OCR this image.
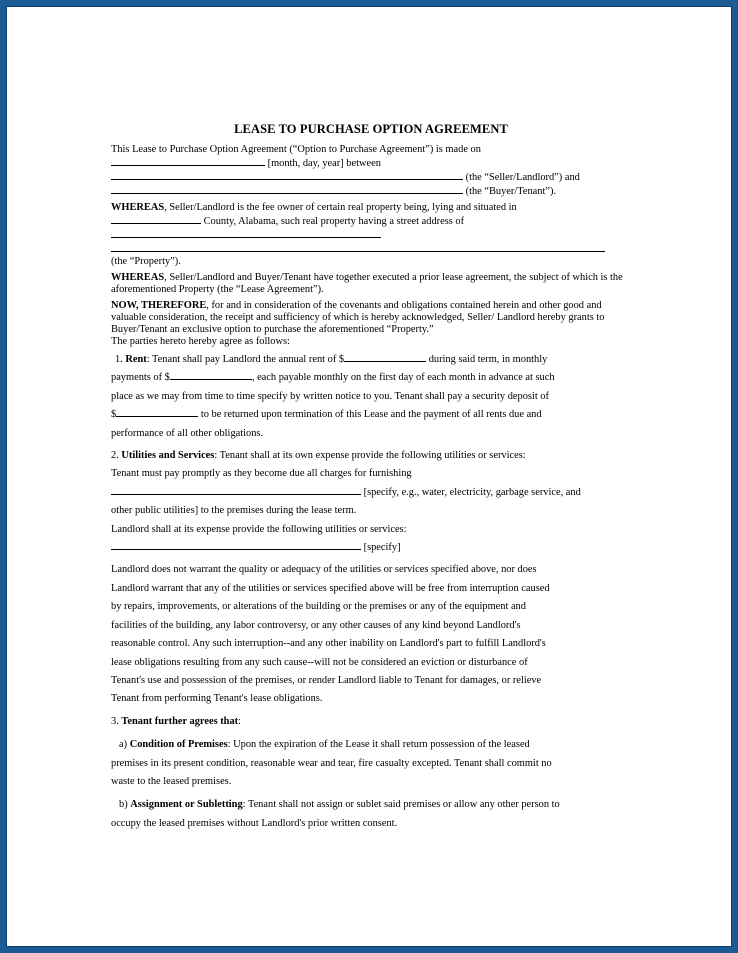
LEASE TO PURCHASE OPTION AGREEMENT

This Lease to Purchase Option Agreement (“Option to Purchase Agreement”) is made on
[month, day, year] between
(the “Seller/Landlord”) and
(the “Buyer/Tenant”).

WHEREAS, Seller/Landlord is the fee owner of certain real property being, lying and situated in
County, Alabama, such real property having a street address of

(the “Property”).

WHEREAS, Seller/Landlord and Buyer/Tenant have together executed a prior lease agreement, the subject of which is the aforementioned Property (the “Lease Agreement”).

NOW, THEREFORE, for and in consideration of the covenants and obligations contained herein and other good and valuable consideration, the receipt and sufficiency of which is hereby acknowledged, Seller/ Landlord hereby grants to Buyer/Tenant an exclusive option to purchase the aforementioned “Property.”
The parties hereto hereby agree as follows:

1. Rent: Tenant shall pay Landlord the annual rent of $	during said term, in monthly

payments of $	, each payable monthly on the first day of each month in advance at such

place as we may from time to time specify by written notice to you. Tenant shall pay a security deposit of

$	to be returned upon termination of this Lease and the payment of all rents due and

performance of all other obligations.

2. Utilities and Services: Tenant shall at its own expense provide the following utilities or services:

Tenant must pay promptly as they become due all charges for furnishing

[specify, e.g., water, electricity, garbage service, and

other public utilities] to the premises during the lease term.

Landlord shall at its expense provide the following utilities or services:

[specify]

Landlord does not warrant the quality or adequacy of the utilities or services specified above, nor does

Landlord warrant that any of the utilities or services specified above will be free from interruption caused

by repairs, improvements, or alterations of the building or the premises or any of the equipment and

facilities of the building, any labor controversy, or any other causes of any kind beyond Landlord's

reasonable control. Any such interruption--and any other inability on Landlord's part to fulfill Landlord's

lease obligations resulting from any such cause--will not be considered an eviction or disturbance of

Tenant's use and possession of the premises, or render Landlord liable to Tenant for damages, or relieve

Tenant from performing Tenant's lease obligations.

3. Tenant further agrees that:

a) Condition of Premises: Upon the expiration of the Lease it shall return possession of the leased

premises in its present condition, reasonable wear and tear, fire casualty excepted. Tenant shall commit no

waste to the leased premises.

b) Assignment or Subletting: Tenant shall not assign or sublet said premises or allow any other person to

occupy the leased premises without Landlord's prior written consent.
